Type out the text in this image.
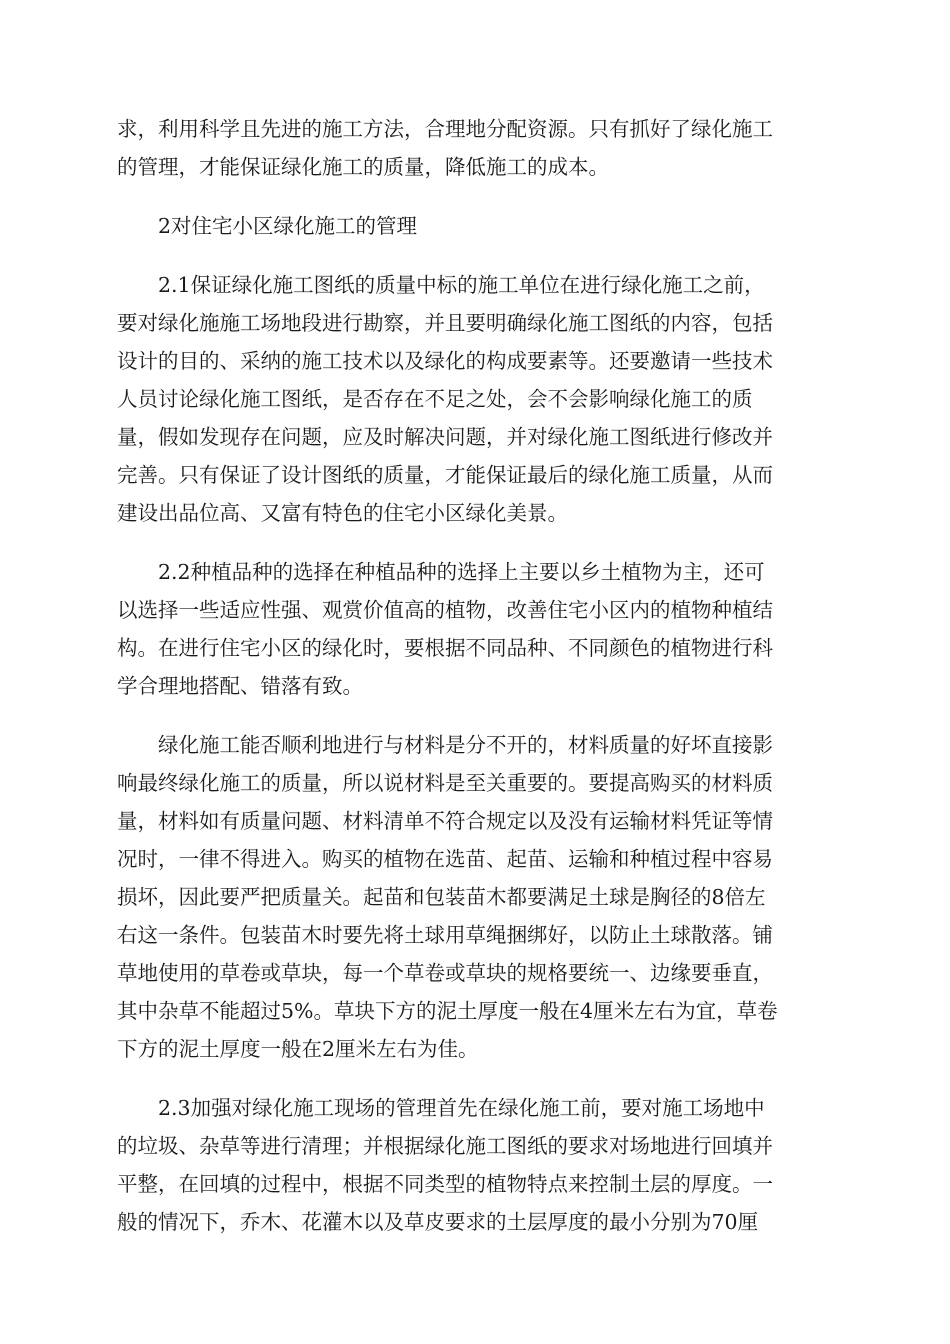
求，利用科学且先进的施工方法，合理地分配资源。只有抓好了绿化施工
的管理，才能保证绿化施工的质量，降低施工的成本。

2对住宅小区绿化施工的管理

2.1保证绿化施工图纸的质量中标的施工单位在进行绿化施工之前，
要对绿化施施工场地段进行勘察，并且要明确绿化施工图纸的内容，包括
设计的目的、采纳的施工技术以及绿化的构成要素等。还要邀请一些技术
人员讨论绿化施工图纸，是否存在不足之处，会不会影响绿化施工的质
量，假如发现存在问题，应及时解决问题，并对绿化施工图纸进行修改并
完善。只有保证了设计图纸的质量，才能保证最后的绿化施工质量，从而
建设出品位高、又富有特色的住宅小区绿化美景。

2.2种植品种的选择在种植品种的选择上主要以乡土植物为主，还可
以选择一些适应性强、观赏价值高的植物，改善住宅小区内的植物种植结
构。在进行住宅小区的绿化时，要根据不同品种、不同颜色的植物进行科
学合理地搭配、错落有致。

绿化施工能否顺利地进行与材料是分不开的，材料质量的好坏直接影
响最终绿化施工的质量，所以说材料是至关重要的。要提高购买的材料质
量，材料如有质量问题、材料清单不符合规定以及没有运输材料凭证等情
况时，一律不得进入。购买的植物在选苗、起苗、运输和种植过程中容易
损坏，因此要严把质量关。起苗和包装苗木都要满足土球是胸径的8倍左
右这一条件。包装苗木时要先将土球用草绳捆绑好，以防止土球散落。铺
草地使用的草卷或草块，每一个草卷或草块的规格要统一、边缘要垂直，
其中杂草不能超过5%。草块下方的泥土厚度一般在4厘米左右为宜，草卷
下方的泥土厚度一般在2厘米左右为佳。

2.3加强对绿化施工现场的管理首先在绿化施工前，要对施工场地中
的垃圾、杂草等进行清理；并根据绿化施工图纸的要求对场地进行回填并
平整，在回填的过程中，根据不同类型的植物特点来控制土层的厚度。一
般的情况下，乔木、花灌木以及草皮要求的土层厚度的最小分别为70厘
